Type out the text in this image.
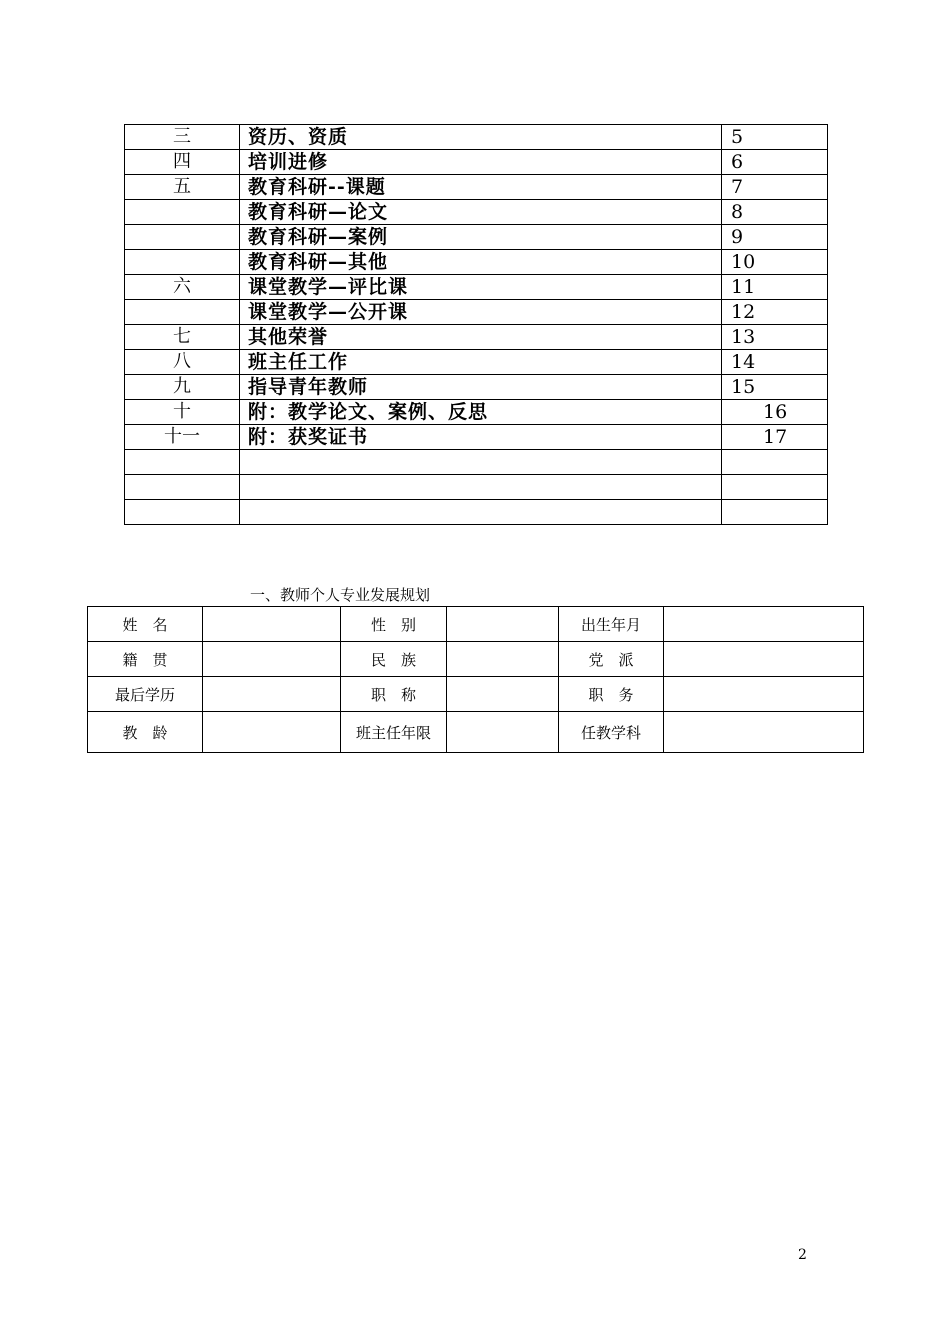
三	资历、资质	5
四	培训进修	6
五	教育科研--课题	7
	教育科研—论文	8
	教育科研—案例	9
	教育科研—其他	10
六	课堂教学—评比课	11
	课堂教学—公开课	12
七	其他荣誉	13
八	班主任工作	14
九	指导青年教师	15
十	附：教学论文、案例、反思	16
十一	附：获奖证书	17

一、教师个人专业发展规划
姓　名		性　别		出生年月	
籍　贯		民　族		党　派	
最后学历		职　称		职　务	
教　龄		班主任年限		任教学科	
2
